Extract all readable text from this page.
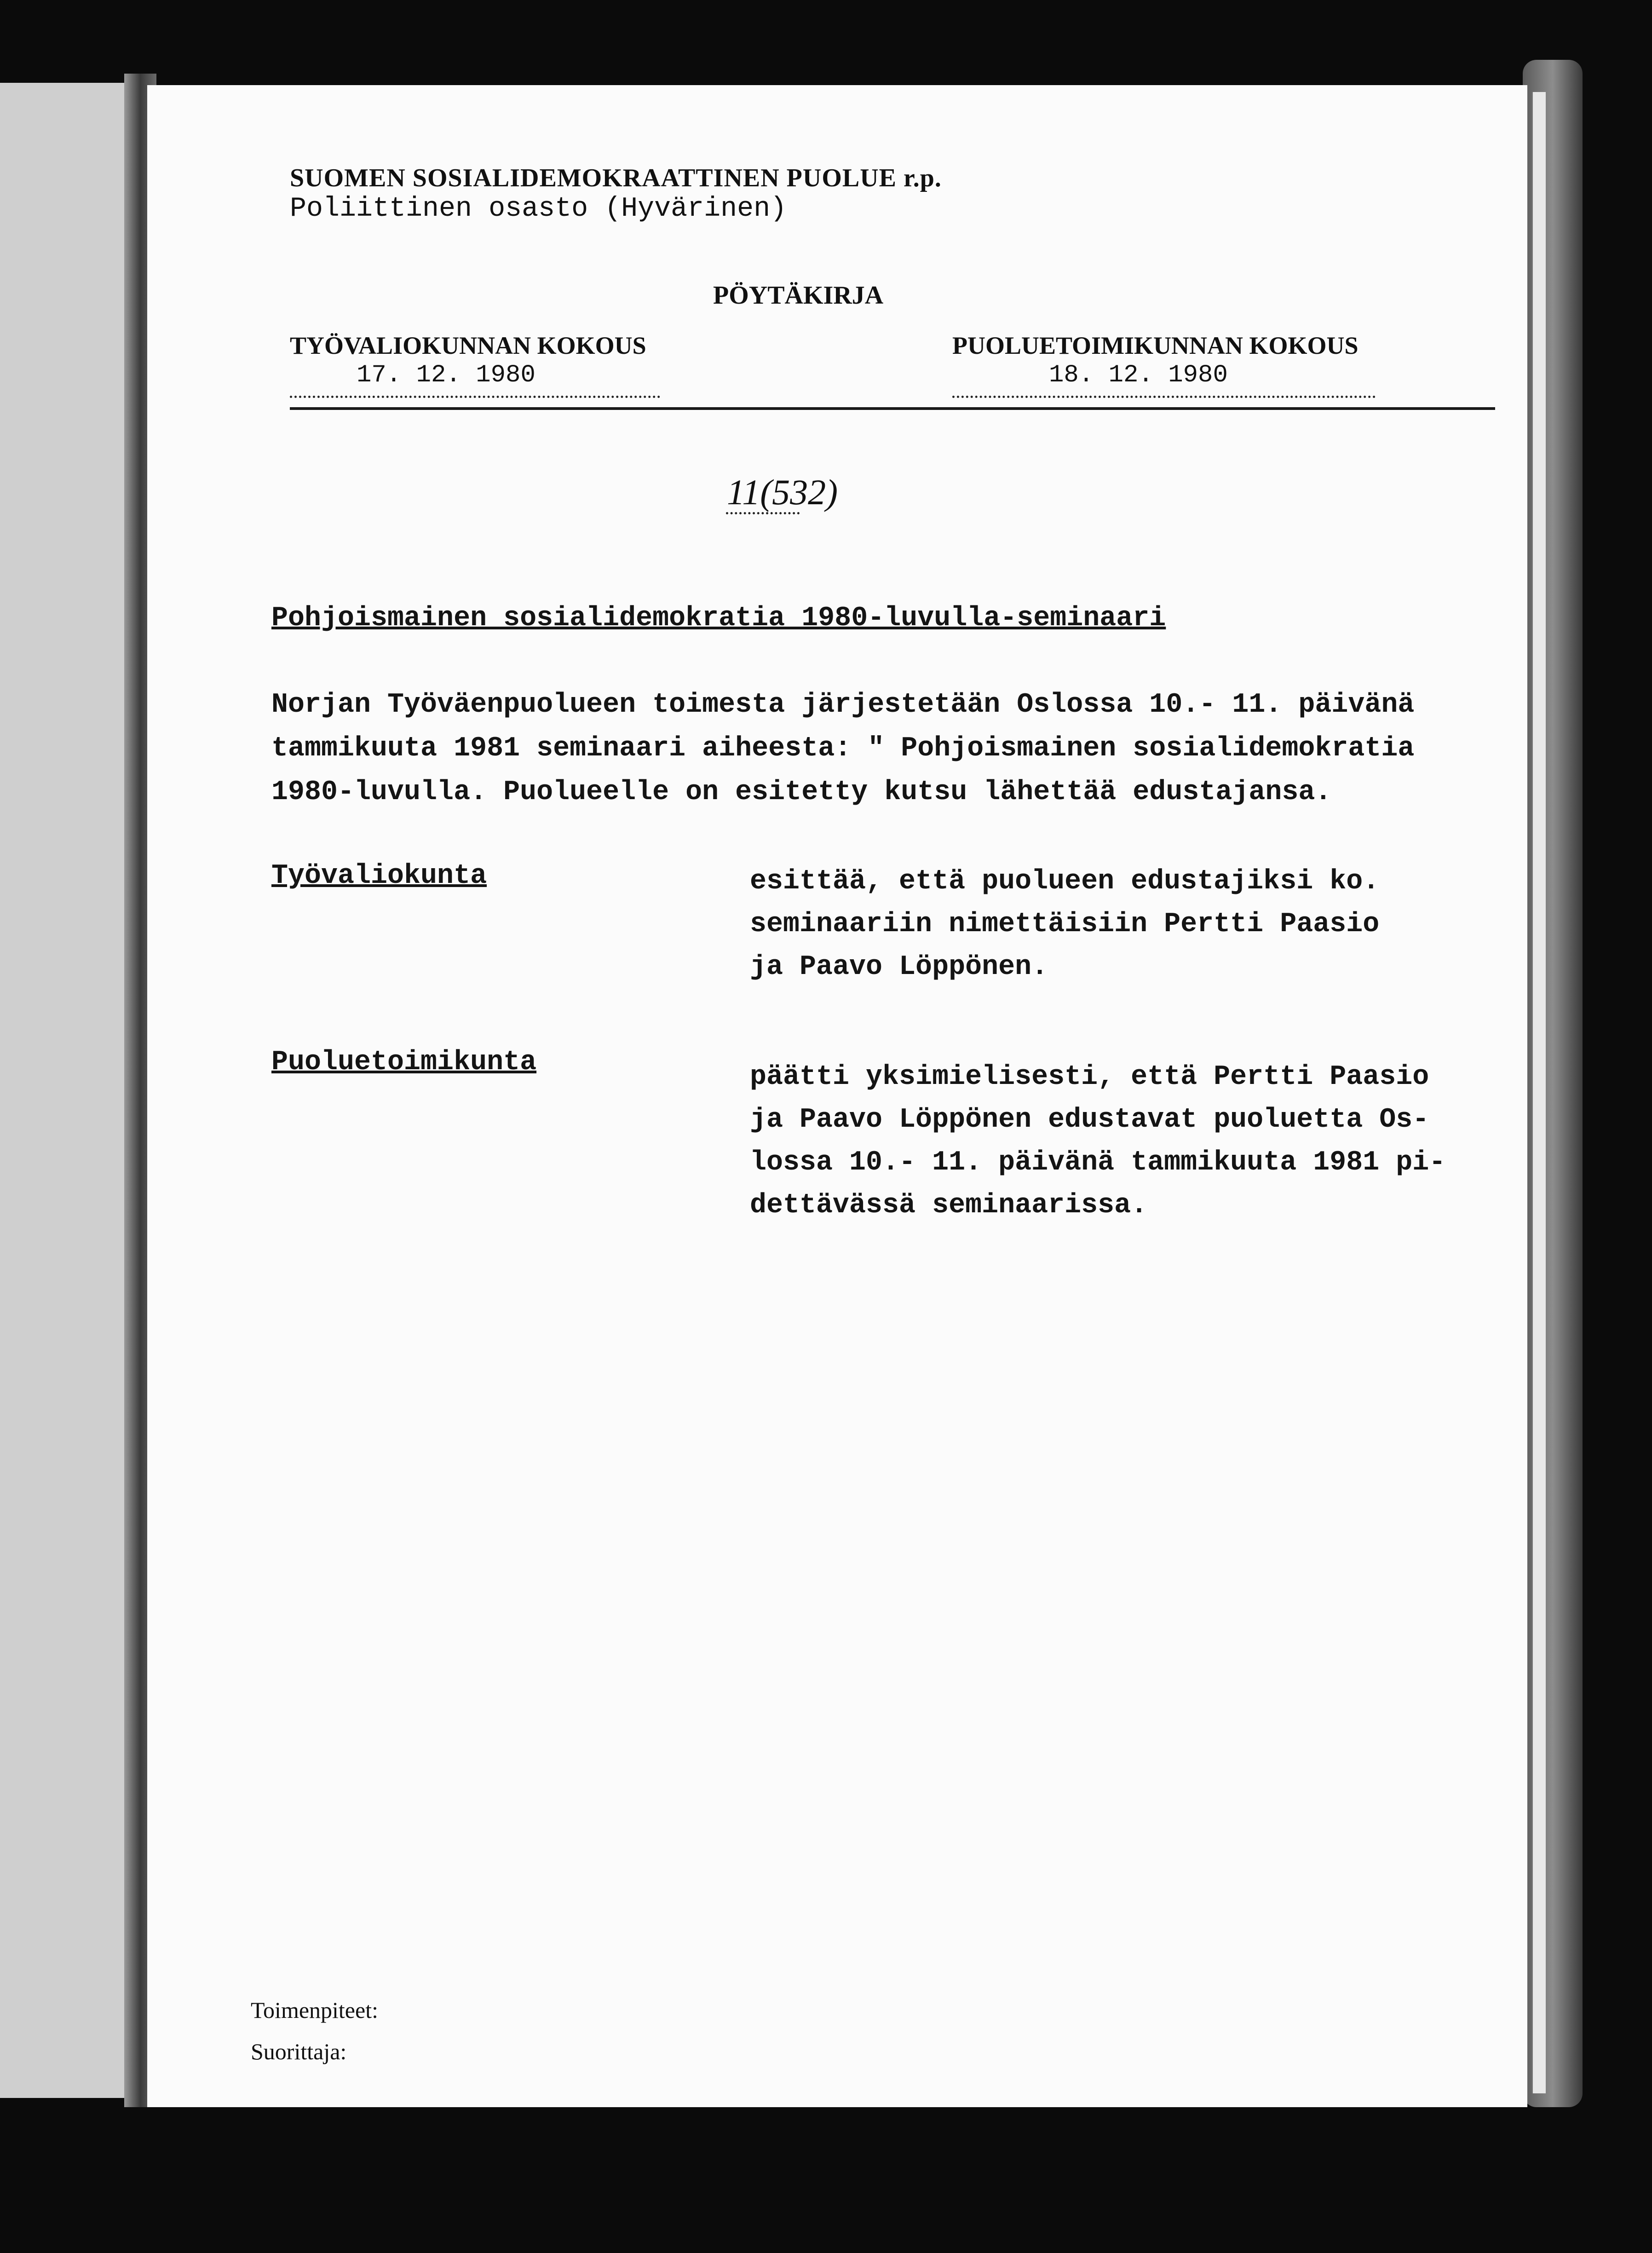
SUOMEN SOSIALIDEMOKRAATTINEN PUOLUE r.p.
Poliittinen osasto (Hyvärinen)
PÖYTÄKIRJA
TYÖVALIOKUNNAN KOKOUS
17. 12. 1980
PUOLUETOIMIKUNNAN KOKOUS
18. 12. 1980
11(532)
Pohjoismainen sosialidemokratia 1980-luvulla-seminaari
Norjan Työväenpuolueen toimesta järjestetään Oslossa 10.- 11. päivänä
tammikuuta 1981 seminaari aiheesta: " Pohjoismainen sosialidemokratia
1980-luvulla. Puolueelle on esitetty kutsu lähettää edustajansa.
Työvaliokunta	esittää, että puolueen edustajiksi ko.
seminaariin nimettäisiin Pertti Paasio
ja Paavo Löppönen.
Puoluetoimikunta	päätti yksimielisesti, että Pertti Paasio
ja Paavo Löppönen edustavat puoluetta Os-
lossa 10.- 11. päivänä tammikuuta 1981 pi-
dettävässä seminaarissa.
Toimenpiteet:
Suorittaja:
